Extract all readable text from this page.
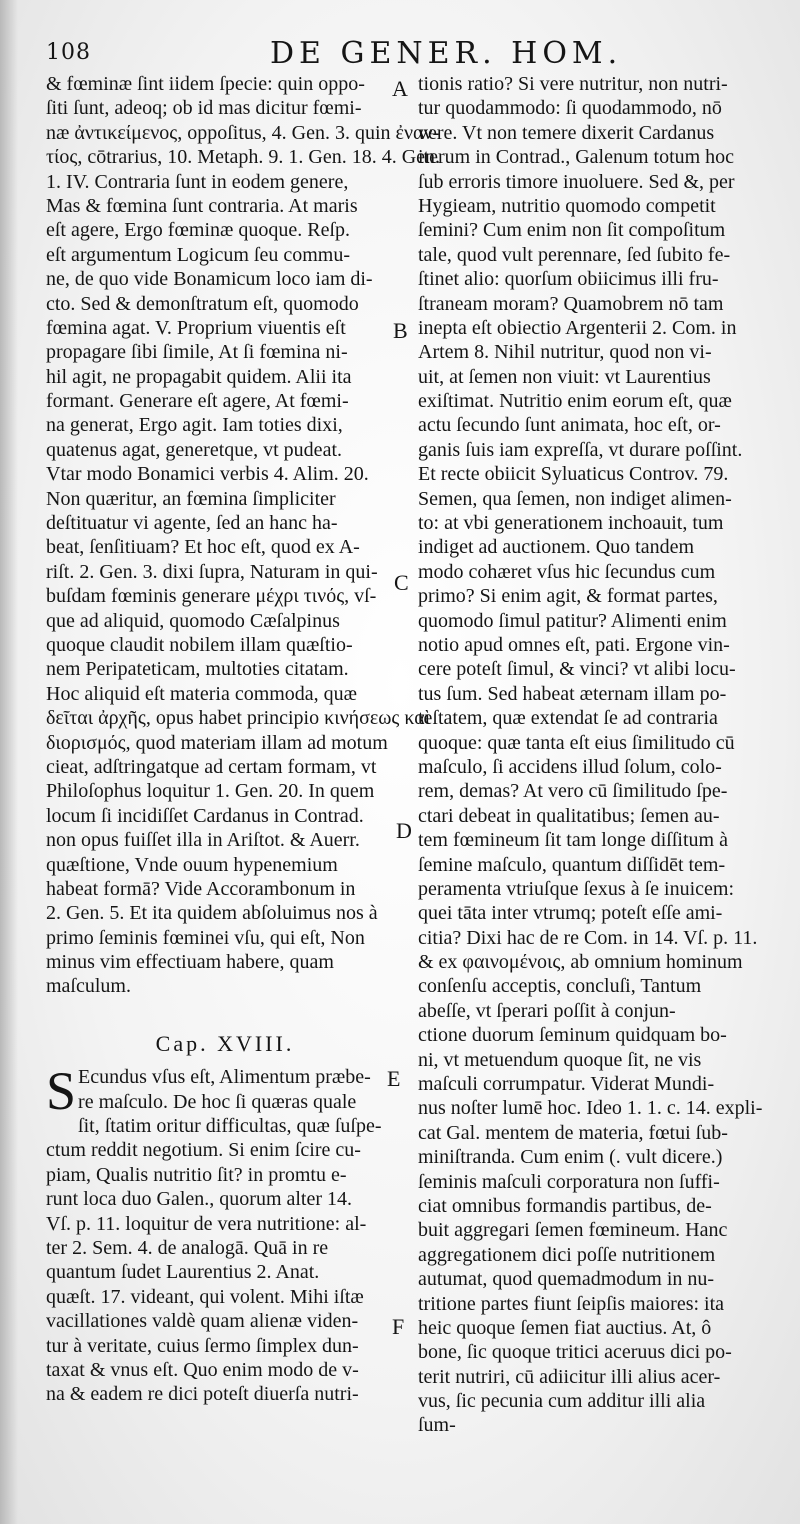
108	DE GENER. HOM.
& fœminæ ſint iidem ſpecie: quin oppo-
ſiti ſunt, adeoq; ob id mas dicitur fœmi-
næ ἀντικείμενος, oppoſitus, 4. Gen. 3. quin ἐναν-
τίος, cōtrarius, 10. Metaph. 9. 1. Gen. 18. 4. Gen.
1. IV. Contraria ſunt in eodem genere,
Mas & fœmina ſunt contraria. At maris
eſt agere, Ergo fœminæ quoque. Reſp.
eſt argumentum Logicum ſeu commu-
ne, de quo vide Bonamicum loco iam di-
cto. Sed & demonſtratum eſt, quomodo
fœmina agat. V. Proprium viuentis eſt
propagare ſibi ſimile, At ſi fœmina ni-
hil agit, ne propagabit quidem. Alii ita
formant. Generare eſt agere, At fœmi-
na generat, Ergo agit. Iam toties dixi,
quatenus agat, generetque, vt pudeat.
Vtar modo Bonamici verbis 4. Alim. 20.
Non quæritur, an fœmina ſimpliciter
deſtituatur vi agente, ſed an hanc ha-
beat, ſenſitiuam? Et hoc eſt, quod ex A-
riſt. 2. Gen. 3. dixi ſupra, Naturam in qui-
buſdam fœminis generare μέχρι τινός, vſ-
que ad aliquid, quomodo Cæſalpinus
quoque claudit nobilem illam quæſtio-
nem Peripateticam, multoties citatam.
Hoc aliquid eſt materia commoda, quæ
δεῖται ἀρχῆς, opus habet principio κινήσεως καὶ
διορισμός, quod materiam illam ad motum
cieat, adſtringatque ad certam formam, vt
Philoſophus loquitur 1. Gen. 20. In quem
locum ſi incidiſſet Cardanus in Contrad.
non opus fuiſſet illa in Ariſtot. & Auerr.
quæſtione, Vnde ouum hypenemium
habeat formā? Vide Accorambonum in
2. Gen. 5. Et ita quidem abſoluimus nos à
primo ſeminis fœminei vſu, qui eſt, Non
minus vim effectiuam habere, quam
maſculum.
Cap. XVIII.
S Ecundus vſus eſt, Alimentum præbe-
re maſculo. De hoc ſi quæras quale
ſit, ſtatim oritur difficultas, quæ ſuſpe-
ctum reddit negotium. Si enim ſcire cu-
piam, Qualis nutritio ſit? in promtu e-
runt loca duo Galen., quorum alter 14.
Vſ. p. 11. loquitur de vera nutritione: al-
ter 2. Sem. 4. de analogā. Quā in re
quantum ſudet Laurentius 2. Anat.
quæſt. 17. videant, qui volent. Mihi iſtæ
vacillationes valdè quam alienæ viden-
tur à veritate, cuius ſermo ſimplex dun-
taxat & vnus eſt. Quo enim modo de v-
na & eadem re dici poteſt diuerſa nutri-
tionis ratio? Si vere nutritur, non nutri-
tur quodammodo: ſi quodammodo, nō
vere. Vt non temere dixerit Cardanus
iterum in Contrad., Galenum totum hoc
ſub erroris timore inuoluere. Sed &, per
Hygieam, nutritio quomodo competit
ſemini? Cum enim non ſit compoſitum
tale, quod vult perennare, ſed ſubito fe-
ſtinet alio: quorſum obiicimus illi fru-
ſtraneam moram? Quamobrem nō tam
inepta eſt obiectio Argenterii 2. Com. in
Artem 8. Nihil nutritur, quod non vi-
uit, at ſemen non viuit: vt Laurentius
exiſtimat. Nutritio enim eorum eſt, quæ
actu ſecundo ſunt animata, hoc eſt, or-
ganis ſuis iam expreſſa, vt durare poſſint.
Et recte obiicit Syluaticus Controv. 79.
Semen, qua ſemen, non indiget alimen-
to: at vbi generationem inchoauit, tum
indiget ad auctionem. Quo tandem
modo cohæret vſus hic ſecundus cum
primo? Si enim agit, & format partes,
quomodo ſimul patitur? Alimenti enim
notio apud omnes eſt, pati. Ergone vin-
cere poteſt ſimul, & vinci? vt alibi locu-
tus ſum. Sed habeat æternam illam po-
teſtatem, quæ extendat ſe ad contraria
quoque: quæ tanta eſt eius ſimilitudo cū
maſculo, ſi accidens illud ſolum, colo-
rem, demas? At vero cū ſimilitudo ſpe-
ctari debeat in qualitatibus; ſemen au-
tem fœmineum ſit tam longe diſſitum à
ſemine maſculo, quantum diſſidēt tem-
peramenta vtriuſque ſexus à ſe inuicem:
quei tāta inter vtrumq; poteſt eſſe ami-
citia? Dixi hac de re Com. in 14. Vſ. p. 11.
& ex φαινομένοις, ab omnium hominum
conſenſu acceptis, concluſi, Tantum
abeſſe, vt ſperari poſſit à conjun-
ctione duorum ſeminum quidquam bo-
ni, vt metuendum quoque ſit, ne vis
maſculi corrumpatur. Viderat Mundi-
nus noſter lumē hoc. Ideo 1. 1. c. 14. expli-
cat Gal. mentem de materia, fœtui ſub-
miniſtranda. Cum enim (. vult dicere.)
ſeminis maſculi corporatura non ſuffi-
ciat omnibus formandis partibus, de-
buit aggregari ſemen fœmineum. Hanc
aggregationem dici poſſe nutritionem
autumat, quod quemadmodum in nu-
tritione partes fiunt ſeipſis maiores: ita
heic quoque ſemen fiat auctius. At, ô
bone, ſic quoque tritici aceruus dici po-
terit nutriri, cū adiicitur illi alius acer-
vus, ſic pecunia cum additur illi alia
ſum-
A
B
C
D
E
F
